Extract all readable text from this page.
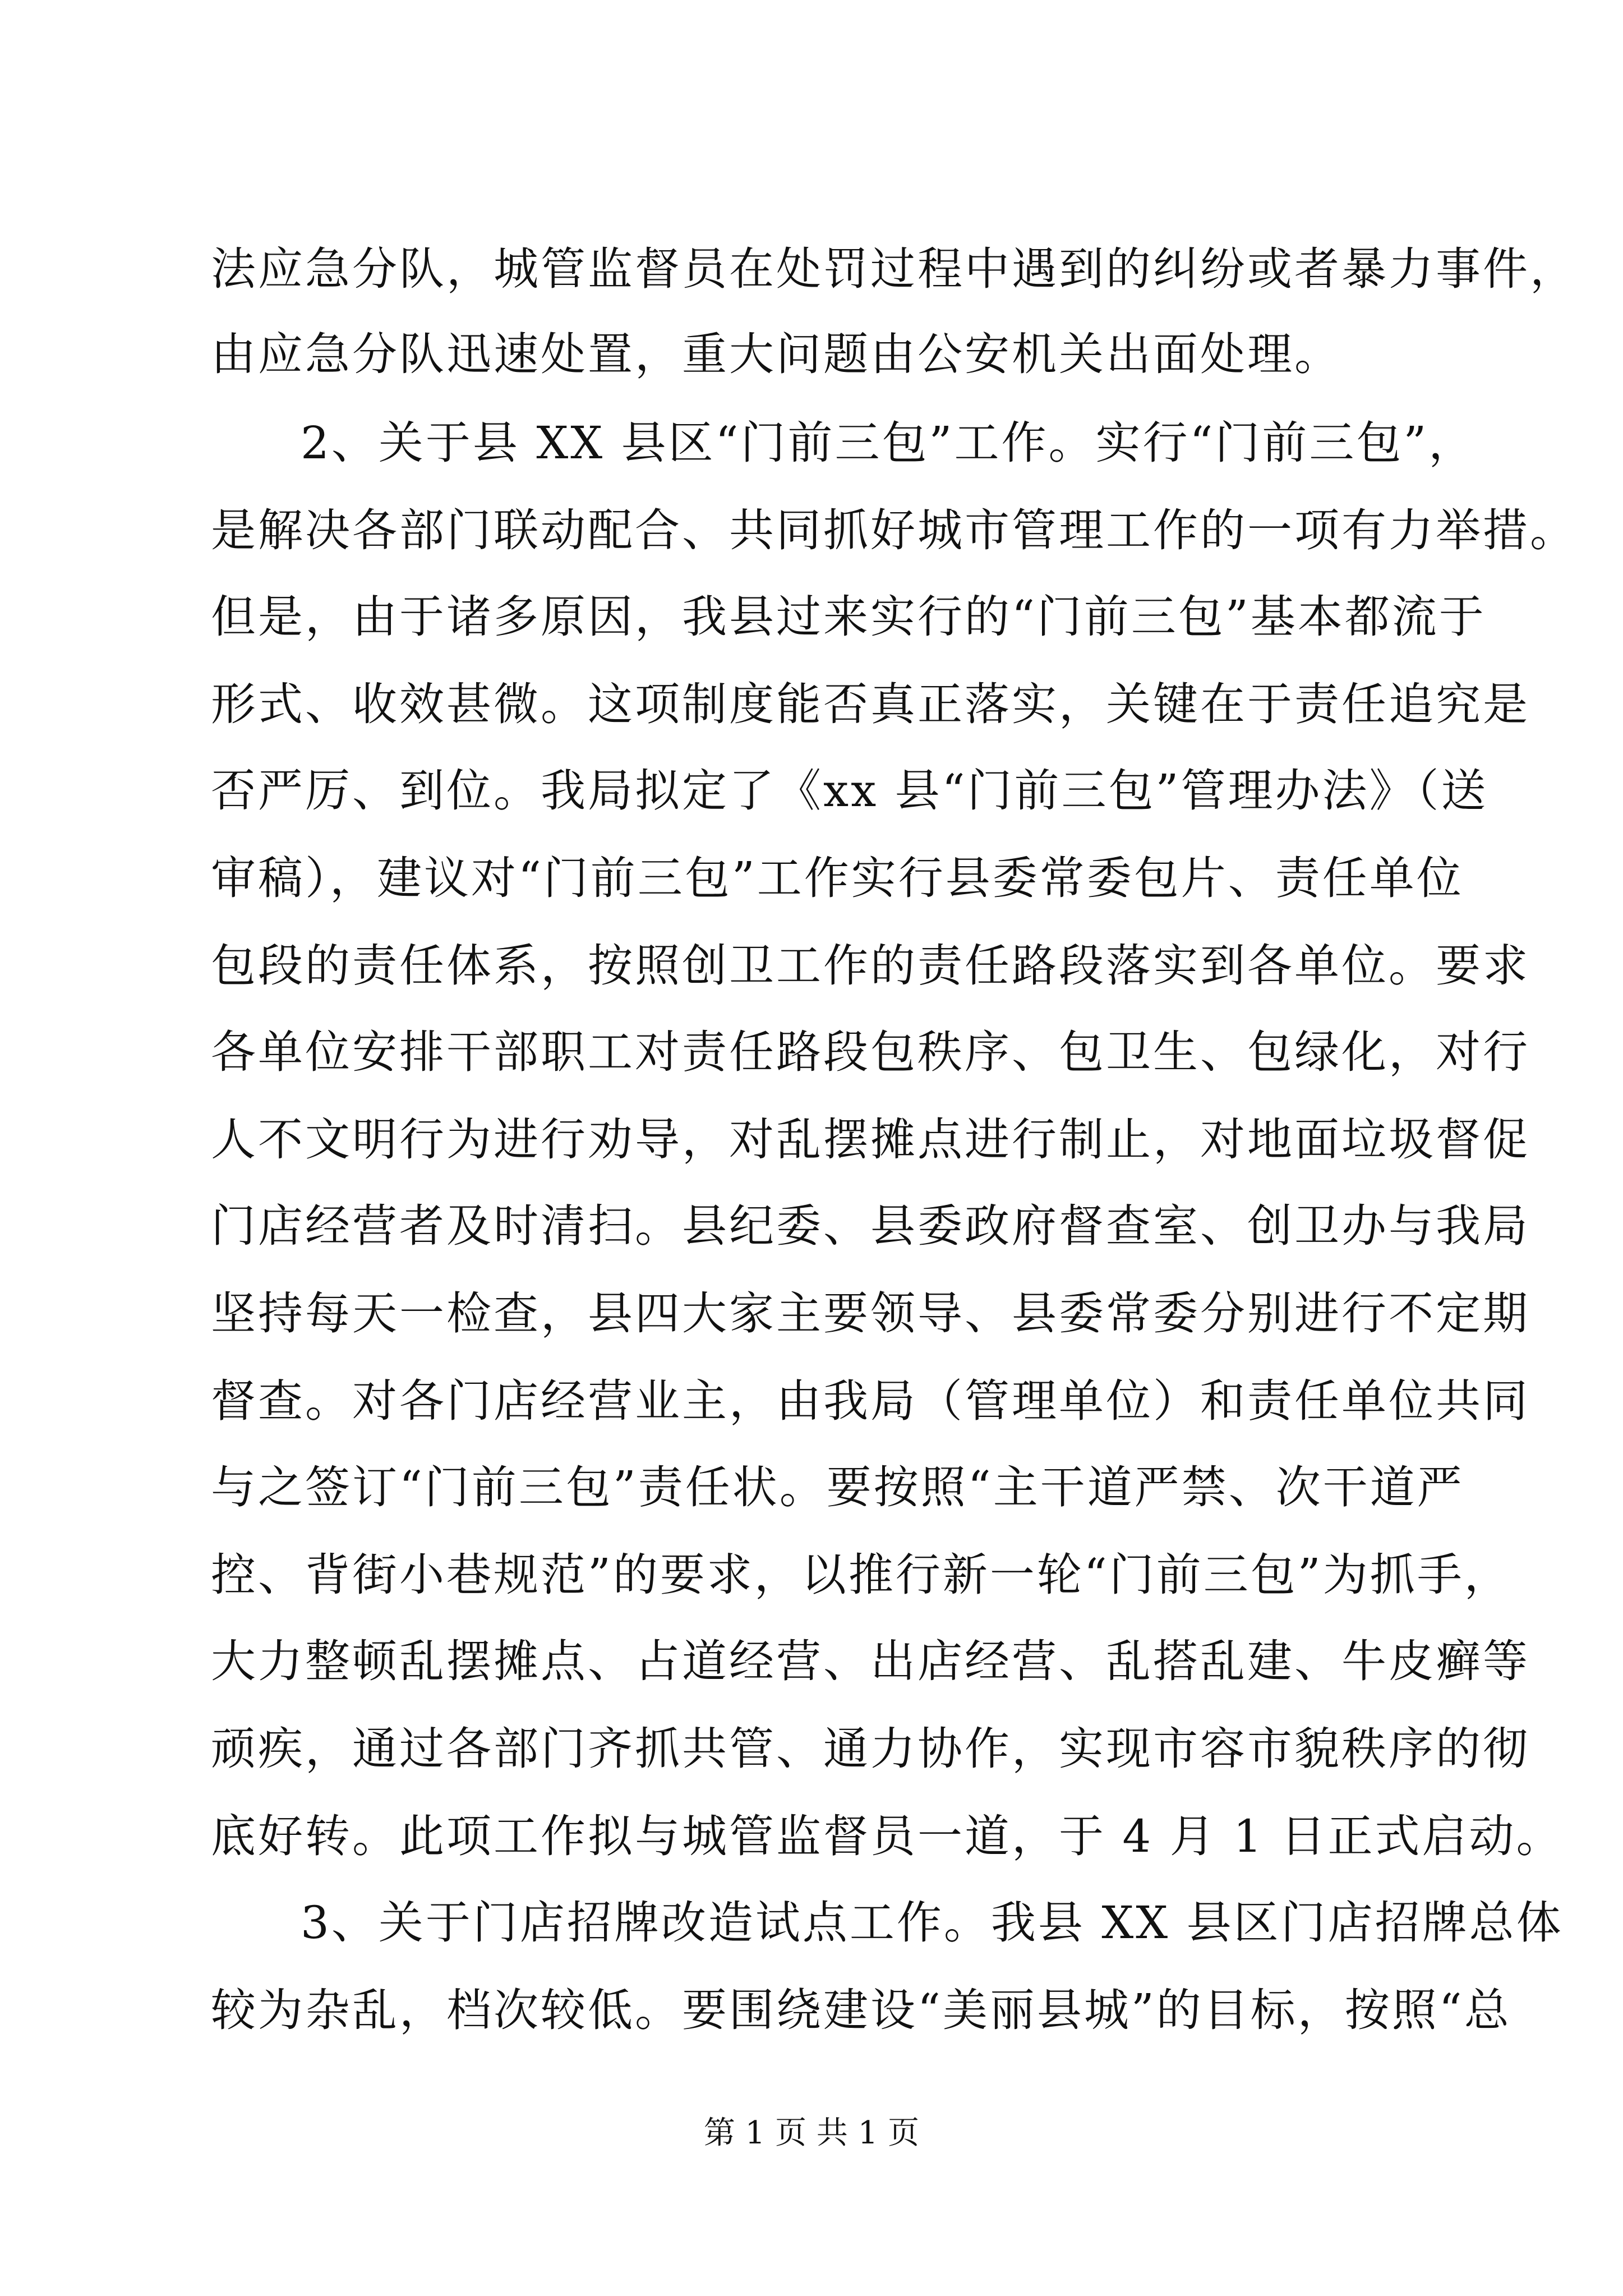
法应急分队，城管监督员在处罚过程中遇到的纠纷或者暴力事件，
由应急分队迅速处置，重大问题由公安机关出面处理。
2、关于县 XX 县区“门前三包”工作。实行“门前三包”，
是解决各部门联动配合、共同抓好城市管理工作的一项有力举措。
但是，由于诸多原因，我县过来实行的“门前三包”基本都流于
形式、收效甚微。这项制度能否真正落实，关键在于责任追究是
否严厉、到位。我局拟定了《xx 县“门前三包”管理办法》（送
审稿），建议对“门前三包”工作实行县委常委包片、责任单位
包段的责任体系，按照创卫工作的责任路段落实到各单位。要求
各单位安排干部职工对责任路段包秩序、包卫生、包绿化，对行
人不文明行为进行劝导，对乱摆摊点进行制止，对地面垃圾督促
门店经营者及时清扫。县纪委、县委政府督查室、创卫办与我局
坚持每天一检查，县四大家主要领导、县委常委分别进行不定期
督查。对各门店经营业主，由我局（管理单位）和责任单位共同
与之签订“门前三包”责任状。要按照“主干道严禁、次干道严
控、背街小巷规范”的要求，以推行新一轮“门前三包”为抓手，
大力整顿乱摆摊点、占道经营、出店经营、乱搭乱建、牛皮癣等
顽疾，通过各部门齐抓共管、通力协作，实现市容市貌秩序的彻
底好转。此项工作拟与城管监督员一道，于 4 月 1 日正式启动。
3、关于门店招牌改造试点工作。我县 XX 县区门店招牌总体
较为杂乱，档次较低。要围绕建设“美丽县城”的目标，按照“总
第 1 页 共 1 页
